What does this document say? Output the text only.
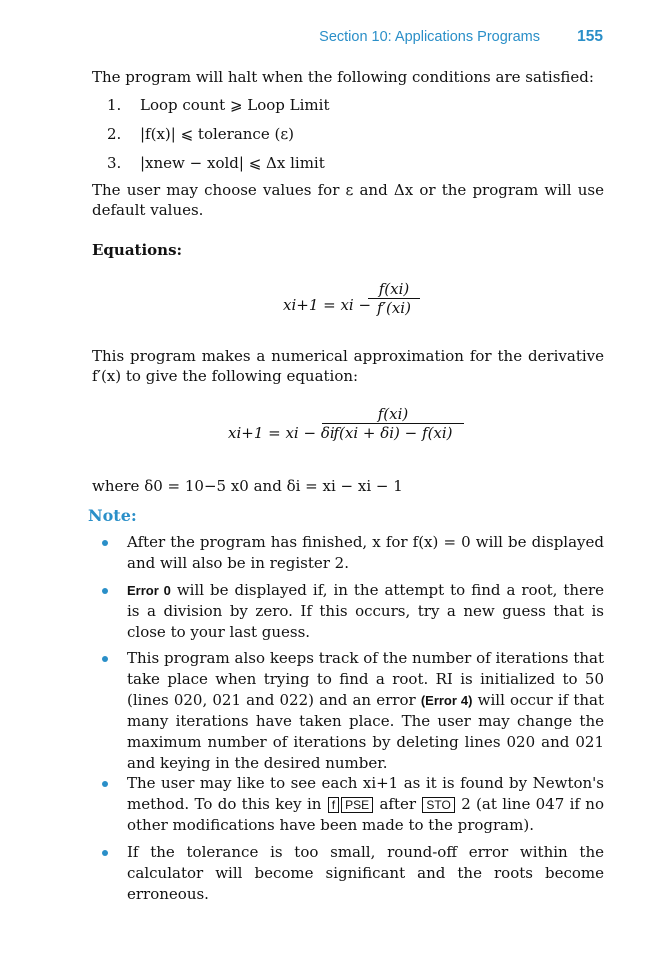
Section 10: Applications Programs 155
The program will halt when the following conditions are satisfied:
1. Loop count ⩾ Loop Limit
2. |f(x)| ⩽ tolerance (ε)
3. |xnew − xold| ⩽ Δx limit
The user may choose values for ε and Δx or the program will use default values.
Equations:
xi+1 = xi −
f(xi)
f′(xi)
This program makes a numerical approximation for the derivative f′(x) to give the following equation:
xi+1 = xi − δi
f(xi)
f(xi + δi) − f(xi)
where δ0 = 10−5 x0 and δi = xi − xi − 1
Note:
After the program has finished, x for f(x) = 0 will be displayed and will also be in register 2.
Error 0 will be displayed if, in the attempt to find a root, there is a division by zero. If this occurs, try a new guess that is close to your last guess.
This program also keeps track of the number of iterations that take place when trying to find a root. RI is initialized to 50 (lines 020, 021 and 022) and an error (Error 4) will occur if that many iterations have taken place. The user may change the maximum number of iterations by deleting lines 020 and 021 and keying in the desired number.
The user may like to see each xi+1 as it is found by Newton's method. To do this key in f PSE after STO 2 (at line 047 if no other modifications have been made to the program).
If the tolerance is too small, round-off error within the calculator will become significant and the roots become erroneous.
